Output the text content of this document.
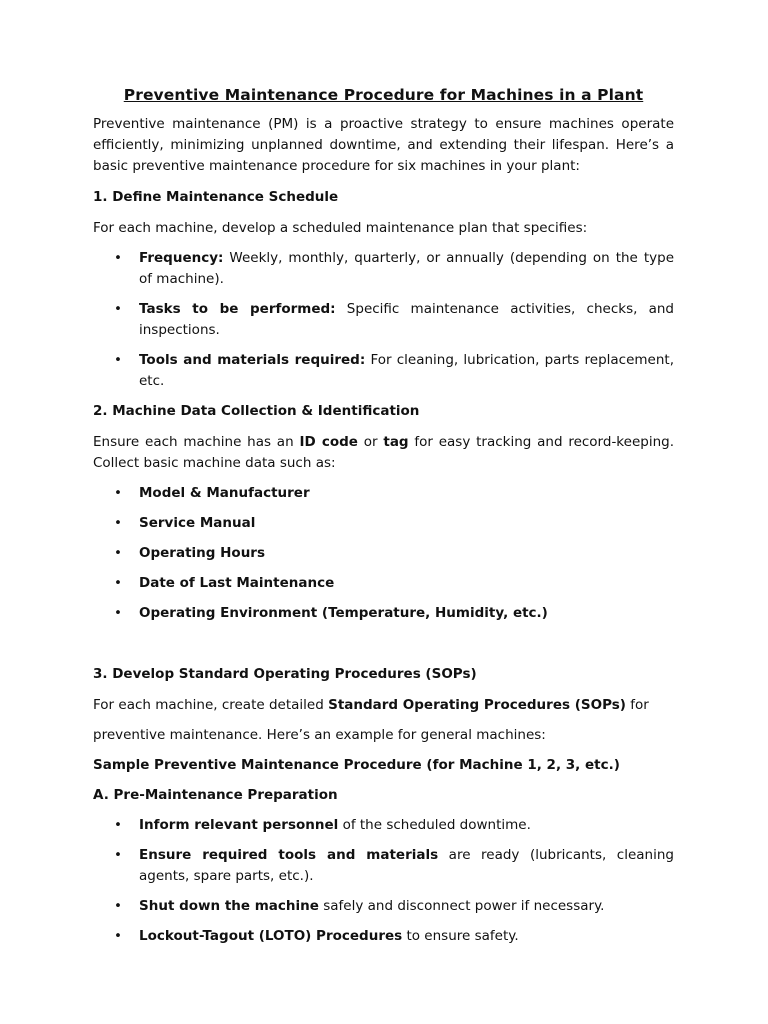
Preventive Maintenance Procedure for Machines in a Plant

Preventive maintenance (PM) is a proactive strategy to ensure machines operate efficiently, minimizing unplanned downtime, and extending their lifespan. Here’s a basic preventive maintenance procedure for six machines in your plant:

1. Define Maintenance Schedule

For each machine, develop a scheduled maintenance plan that specifies:

• Frequency: Weekly, monthly, quarterly, or annually (depending on the type of machine).
• Tasks to be performed: Specific maintenance activities, checks, and inspections.
• Tools and materials required: For cleaning, lubrication, parts replacement, etc.

2. Machine Data Collection & Identification

Ensure each machine has an ID code or tag for easy tracking and record-keeping. Collect basic machine data such as:

• Model & Manufacturer
• Service Manual
• Operating Hours
• Date of Last Maintenance
• Operating Environment (Temperature, Humidity, etc.)

3. Develop Standard Operating Procedures (SOPs)

For each machine, create detailed Standard Operating Procedures (SOPs) for

preventive maintenance. Here’s an example for general machines:

Sample Preventive Maintenance Procedure (for Machine 1, 2, 3, etc.)

A. Pre-Maintenance Preparation

• Inform relevant personnel of the scheduled downtime.
• Ensure required tools and materials are ready (lubricants, cleaning agents, spare parts, etc.).
• Shut down the machine safely and disconnect power if necessary.
• Lockout-Tagout (LOTO) Procedures to ensure safety.
